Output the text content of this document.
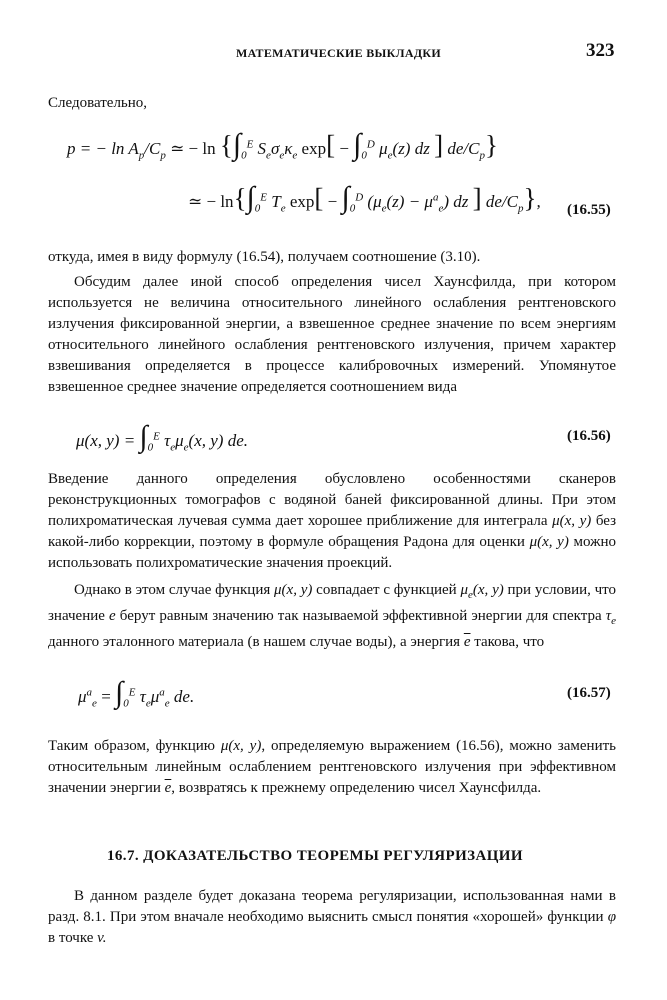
МАТЕМАТИЧЕСКИЕ ВЫКЛАДКИ	323
Следовательно,
p = − $\ln A_p/C_p$ ≃ − $\ln \{\int_0^E$ $S_e\sigma_e\kappa_e$ $\exp[ - \int_0^D$ $\mu_e(z)$ dz ] $de/C_p$}
≃ − $\ln\{\int_0^E$ $T_e$ $\exp[ - \int_0^D$ $(\mu_e(z) - \mu^a_e)$ dz ] $de/C_p$}, (16.55)
откуда, имея в виду формулу (16.54), получаем соотношение (3.10).
Обсудим далее иной способ определения чисел Хаунсфилда, при котором используется не величина относительного линейного ослабления рентгеновского излучения фиксированной энергии, а взвешенное среднее значение по всем энергиям относительного линейного ослабления рентгеновского излучения, причем характер взвешивания определяется в процессе калибровочных измерений. Упомянутое взвешенное среднее значение определяется соотношением вида
μ(x, $y) = \int_0^E$ $\tau_e\mu_e(x$, y) de.	(16.56)
Введение данного определения обусловлено особенностями сканеров реконструкционных томографов с водяной баней фиксированной длины. При этом полихроматическая лучевая сумма дает хорошее приближение для интеграла μ(x, y) без какой-либо коррекции, поэтому в формуле обращения Радона для оценки μ(x, y) можно использовать полихроматические значения проекций.
Однако в этом случае функция μ(x, y) совпадает с функцией $\mu_e(x$, y) при условии, что значение e берут равным значению так называемой эффективной энергии для спектра $\tau_e$ данного эталонного материала (в нашем случае воды), а энергия $\overline{e}$ такова, что
$\mu^a_e = \int_0^E$ $\tau_e\mu^a_e$ de.	(16.57)
Таким образом, функцию μ(x, y), определяемую выражением (16.56), можно заменить относительным линейным ослаблением рентгеновского излучения при эффективном значении энергии $\overline{e}$, возвратясь к прежнему определению чисел Хаунсфилда.
16.7. ДОКАЗАТЕЛЬСТВО ТЕОРЕМЫ РЕГУЛЯРИЗАЦИИ
В данном разделе будет доказана теорема регуляризации, использованная нами в разд. 8.1. При этом вначале необходимо выяснить смысл понятия «хорошей» функции φ в точке v.
